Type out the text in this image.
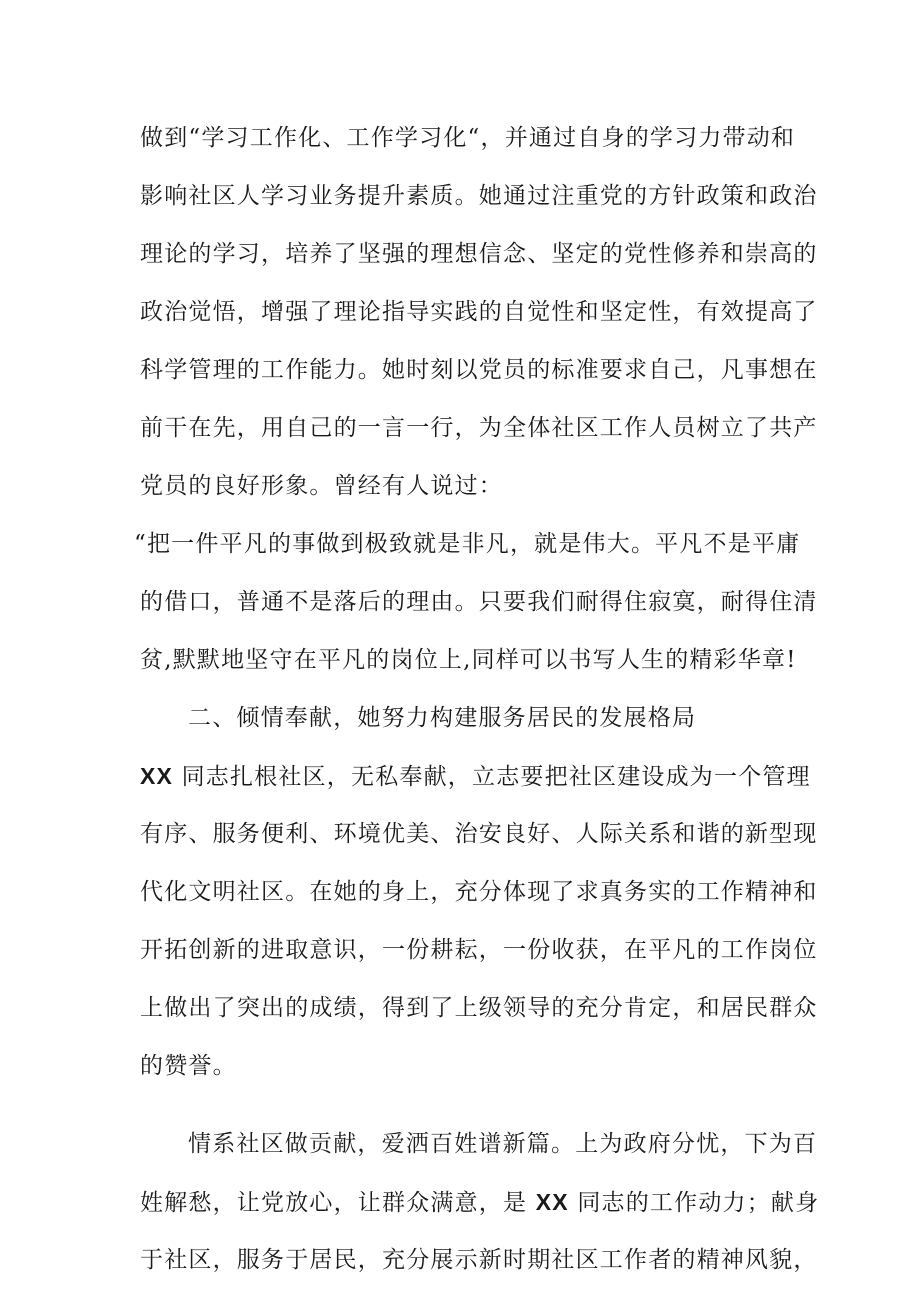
做到“学习工作化、工作学习化“，并通过自身的学习力带动和
影响社区人学习业务提升素质。她通过注重党的方针政策和政治
理论的学习，培养了坚强的理想信念、坚定的党性修养和崇高的
政治觉悟，增强了理论指导实践的自觉性和坚定性，有效提高了
科学管理的工作能力。她时刻以党员的标准要求自己，凡事想在
前干在先，用自己的一言一行，为全体社区工作人员树立了共产
党员的良好形象。曾经有人说过：
“把一件平凡的事做到极致就是非凡，就是伟大。平凡不是平庸
的借口，普通不是落后的理由。只要我们耐得住寂寞，耐得住清
贫,默默地坚守在平凡的岗位上,同样可以书写人生的精彩华章!
二、倾情奉献，她努力构建服务居民的发展格局
XX 同志扎根社区，无私奉献，立志要把社区建设成为一个管理
有序、服务便利、环境优美、治安良好、人际关系和谐的新型现
代化文明社区。在她的身上，充分体现了求真务实的工作精神和
开拓创新的进取意识，一份耕耘，一份收获，在平凡的工作岗位
上做出了突出的成绩，得到了上级领导的充分肯定，和居民群众
的赞誉。
情系社区做贡献，爱洒百姓谱新篇。上为政府分忧，下为百
姓解愁，让党放心，让群众满意，是 XX 同志的工作动力；献身
于社区，服务于居民，充分展示新时期社区工作者的精神风貌，
